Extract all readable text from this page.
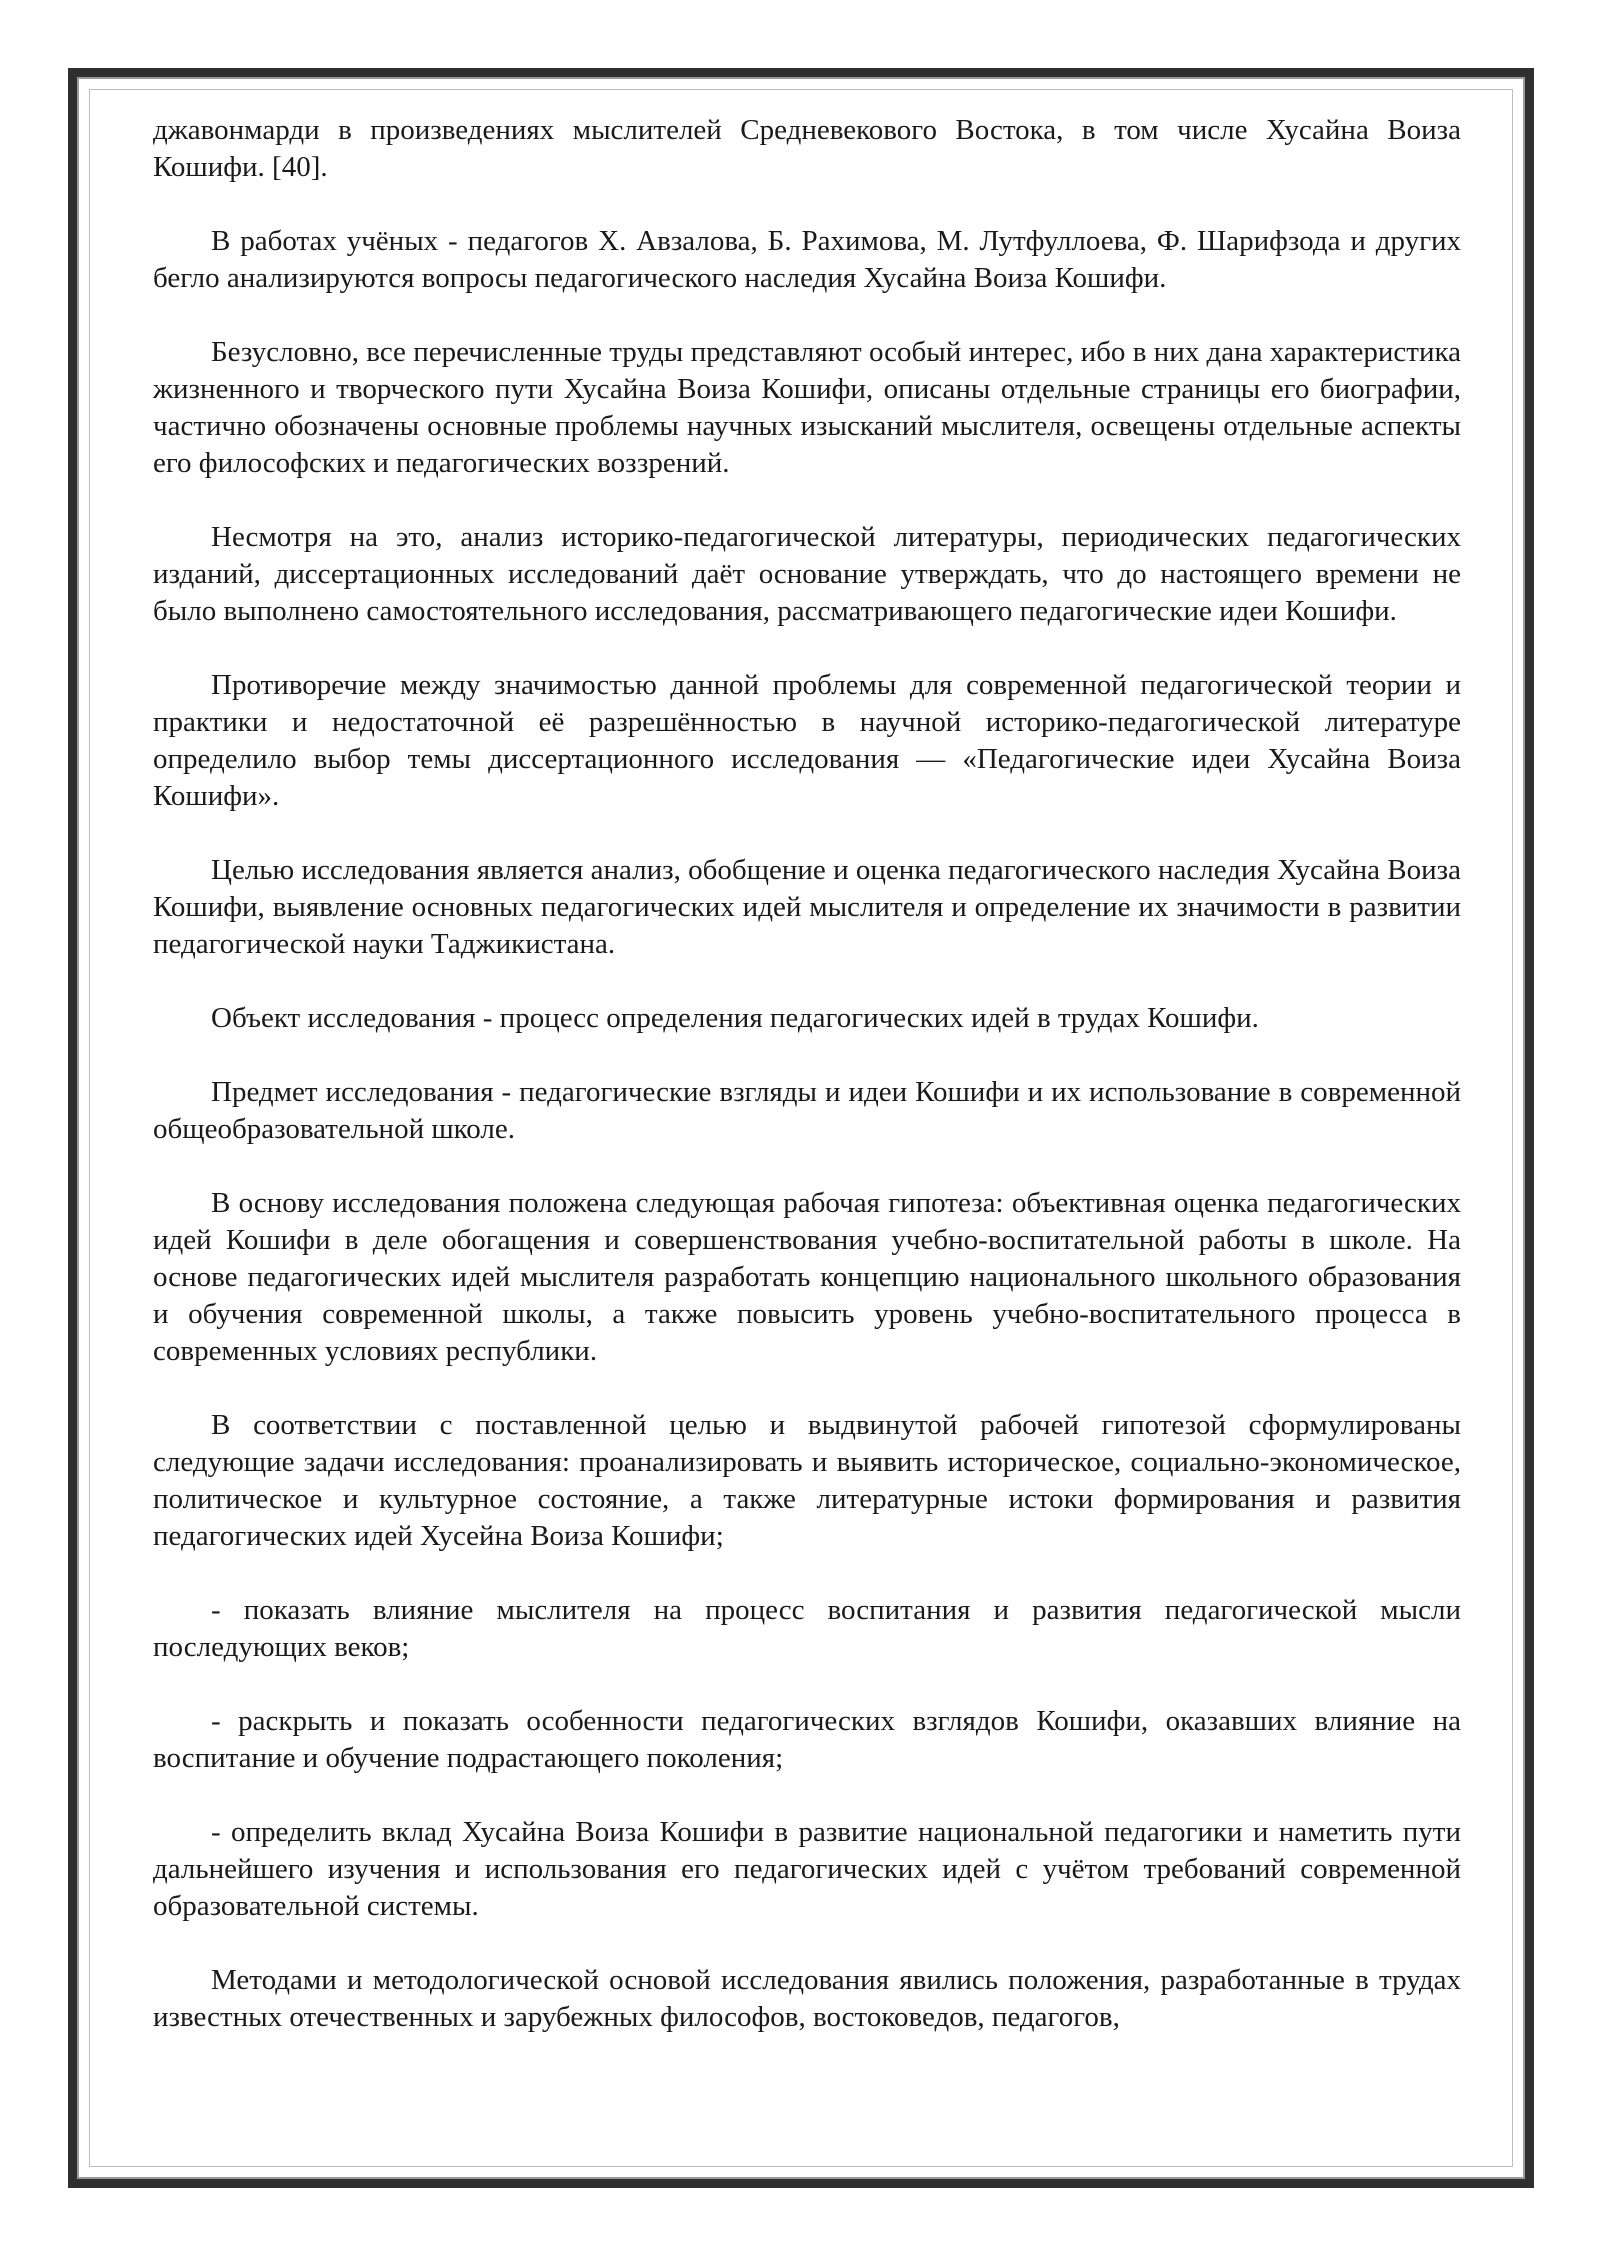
джавонмарди в произведениях мыслителей Средневекового Востока, в том числе Хусайна Воиза Кошифи. [40].

В работах учёных - педагогов Х. Авзалова, Б. Рахимова, М. Лутфуллоева, Ф. Шарифзода и других бегло анализируются вопросы педагогического наследия Хусайна Воиза Кошифи.

Безусловно, все перечисленные труды представляют особый интерес, ибо в них дана характеристика жизненного и творческого пути Хусайна Воиза Кошифи, описаны отдельные страницы его биографии, частично обозначены основные проблемы научных изысканий мыслителя, освещены отдельные аспекты его философских и педагогических воззрений.

Несмотря на это, анализ историко-педагогической литературы, периодических педагогических изданий, диссертационных исследований даёт основание утверждать, что до настоящего времени не было выполнено самостоятельного исследования, рассматривающего педагогические идеи Кошифи.

Противоречие между значимостью данной проблемы для современной педагогической теории и практики и недостаточной её разрешённостью в научной историко-педагогической литературе определило выбор темы диссертационного исследования — «Педагогические идеи Хусайна Воиза Кошифи».

Целью исследования является анализ, обобщение и оценка педагогического наследия Хусайна Воиза Кошифи, выявление основных педагогических идей мыслителя и определение их значимости в развитии педагогической науки Таджикистана.

Объект исследования - процесс определения педагогических идей в трудах Кошифи.

Предмет исследования - педагогические взгляды и идеи Кошифи и их использование в современной общеобразовательной школе.

В основу исследования положена следующая рабочая гипотеза: объективная оценка педагогических идей Кошифи в деле обогащения и совершенствования учебно-воспитательной работы в школе. На основе педагогических идей мыслителя разработать концепцию национального школьного образования и обучения современной школы, а также повысить уровень учебно-воспитательного процесса в современных условиях республики.

В соответствии с поставленной целью и выдвинутой рабочей гипотезой сформулированы следующие задачи исследования: проанализировать и выявить историческое, социально-экономическое, политическое и культурное состояние, а также литературные истоки формирования и развития педагогических идей Хусейна Воиза Кошифи;

- показать влияние мыслителя на процесс воспитания и развития педагогической мысли последующих веков;

- раскрыть и показать особенности педагогических взглядов Кошифи, оказавших влияние на воспитание и обучение подрастающего поколения;

- определить вклад Хусайна Воиза Кошифи в развитие национальной педагогики и наметить пути дальнейшего изучения и использования его педагогических идей с учётом требований современной образовательной системы.

Методами и методологической основой исследования явились положения, разработанные в трудах известных отечественных и зарубежных философов, востоковедов, педагогов,
